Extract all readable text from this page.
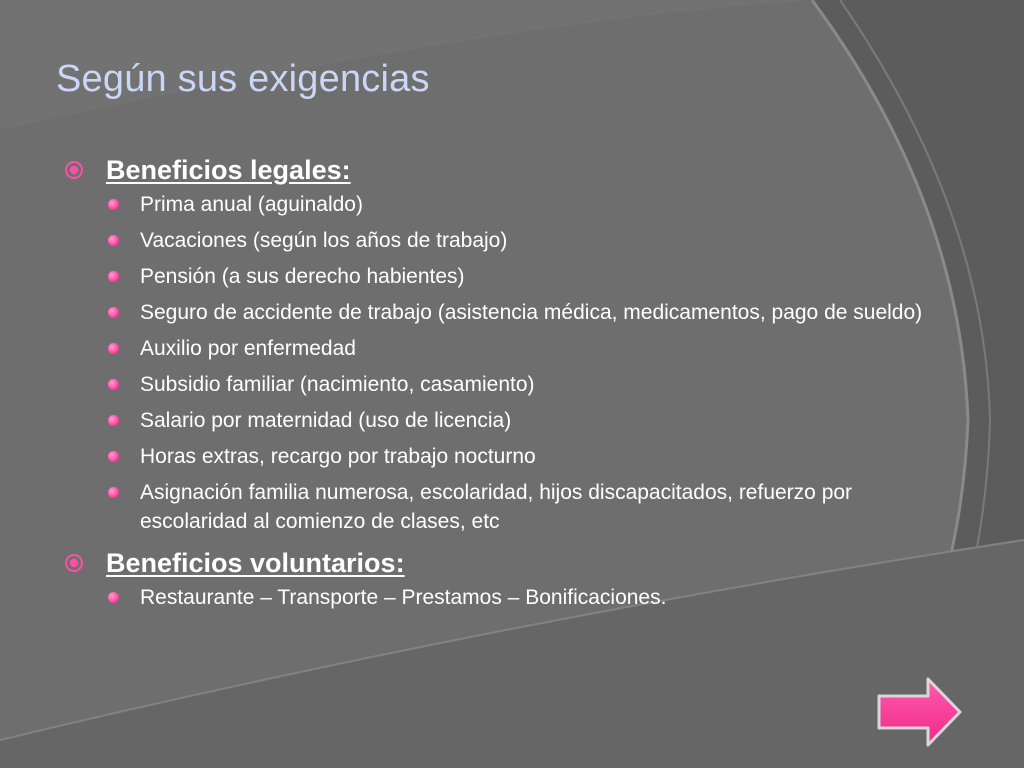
Según sus exigencias
Beneficios legales:
Prima anual (aguinaldo)
Vacaciones (según los años de trabajo)
Pensión (a sus derecho habientes)
Seguro de accidente de trabajo (asistencia médica, medicamentos, pago de sueldo)
Auxilio por enfermedad
Subsidio familiar (nacimiento, casamiento)
Salario por maternidad (uso de licencia)
Horas extras, recargo por trabajo nocturno
Asignación familia numerosa, escolaridad, hijos discapacitados, refuerzo por escolaridad al comienzo de clases, etc
Beneficios voluntarios:
Restaurante – Transporte – Prestamos – Bonificaciones.
